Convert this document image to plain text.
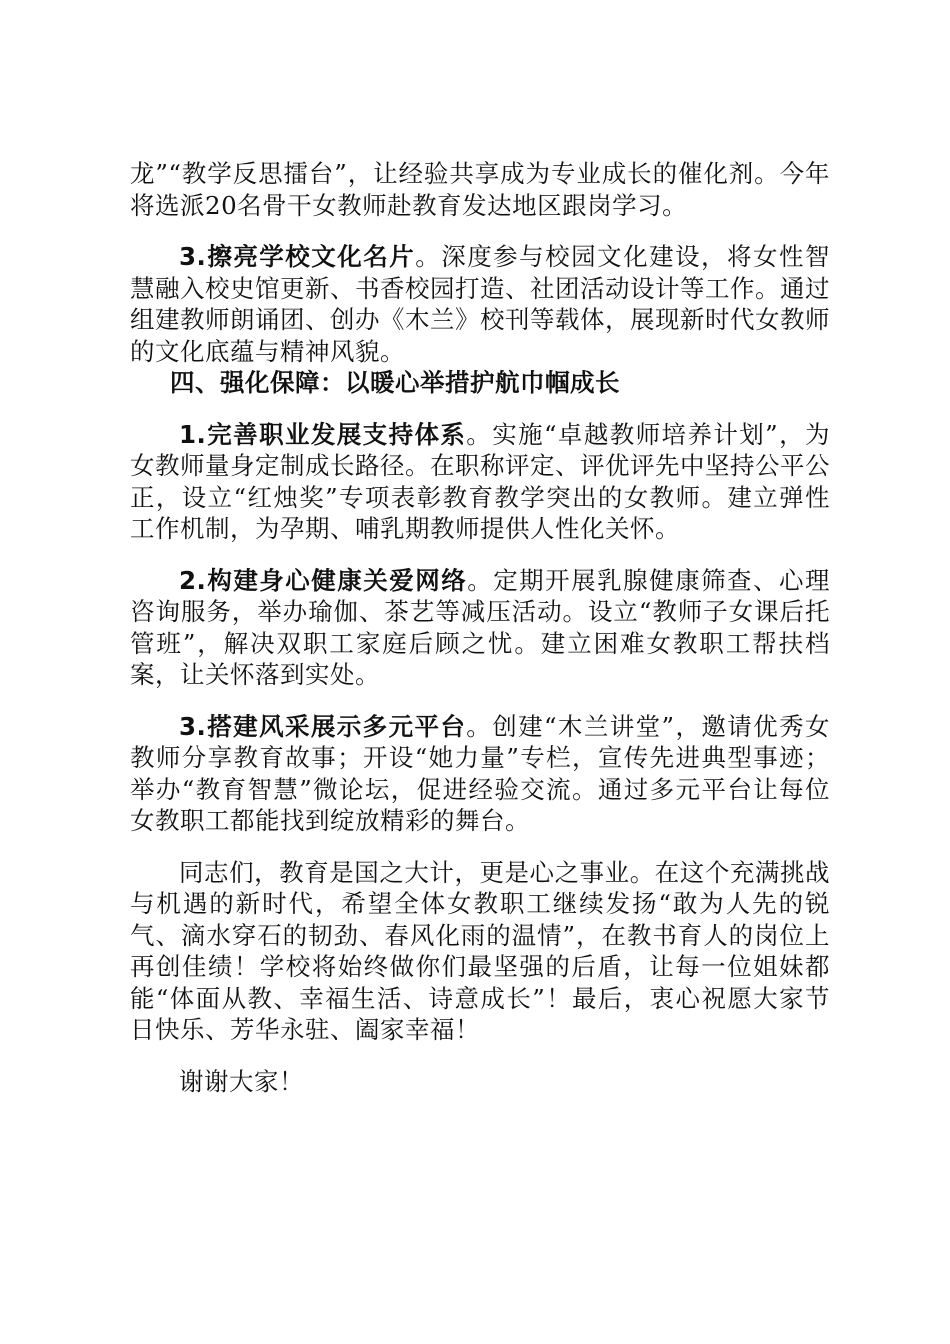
龙”“教学反思擂台”，让经验共享成为专业成长的催化剂。今年将选派20名骨干女教师赴教育发达地区跟岗学习。

3.擦亮学校文化名片。深度参与校园文化建设，将女性智慧融入校史馆更新、书香校园打造、社团活动设计等工作。通过组建教师朗诵团、创办《木兰》校刊等载体，展现新时代女教师的文化底蕴与精神风貌。

四、强化保障：以暖心举措护航巾帼成长

1.完善职业发展支持体系。实施“卓越教师培养计划”，为女教师量身定制成长路径。在职称评定、评优评先中坚持公平公正，设立“红烛奖”专项表彰教育教学突出的女教师。建立弹性工作机制，为孕期、哺乳期教师提供人性化关怀。

2.构建身心健康关爱网络。定期开展乳腺健康筛查、心理咨询服务，举办瑜伽、茶艺等减压活动。设立“教师子女课后托管班”，解决双职工家庭后顾之忧。建立困难女教职工帮扶档案，让关怀落到实处。

3.搭建风采展示多元平台。创建“木兰讲堂”，邀请优秀女教师分享教育故事；开设“她力量”专栏，宣传先进典型事迹；举办“教育智慧”微论坛，促进经验交流。通过多元平台让每位女教职工都能找到绽放精彩的舞台。

同志们，教育是国之大计，更是心之事业。在这个充满挑战与机遇的新时代，希望全体女教职工继续发扬“敢为人先的锐气、滴水穿石的韧劲、春风化雨的温情”，在教书育人的岗位上再创佳绩！学校将始终做你们最坚强的后盾，让每一位姐妹都能“体面从教、幸福生活、诗意成长”！最后，衷心祝愿大家节日快乐、芳华永驻、阖家幸福！

谢谢大家！
